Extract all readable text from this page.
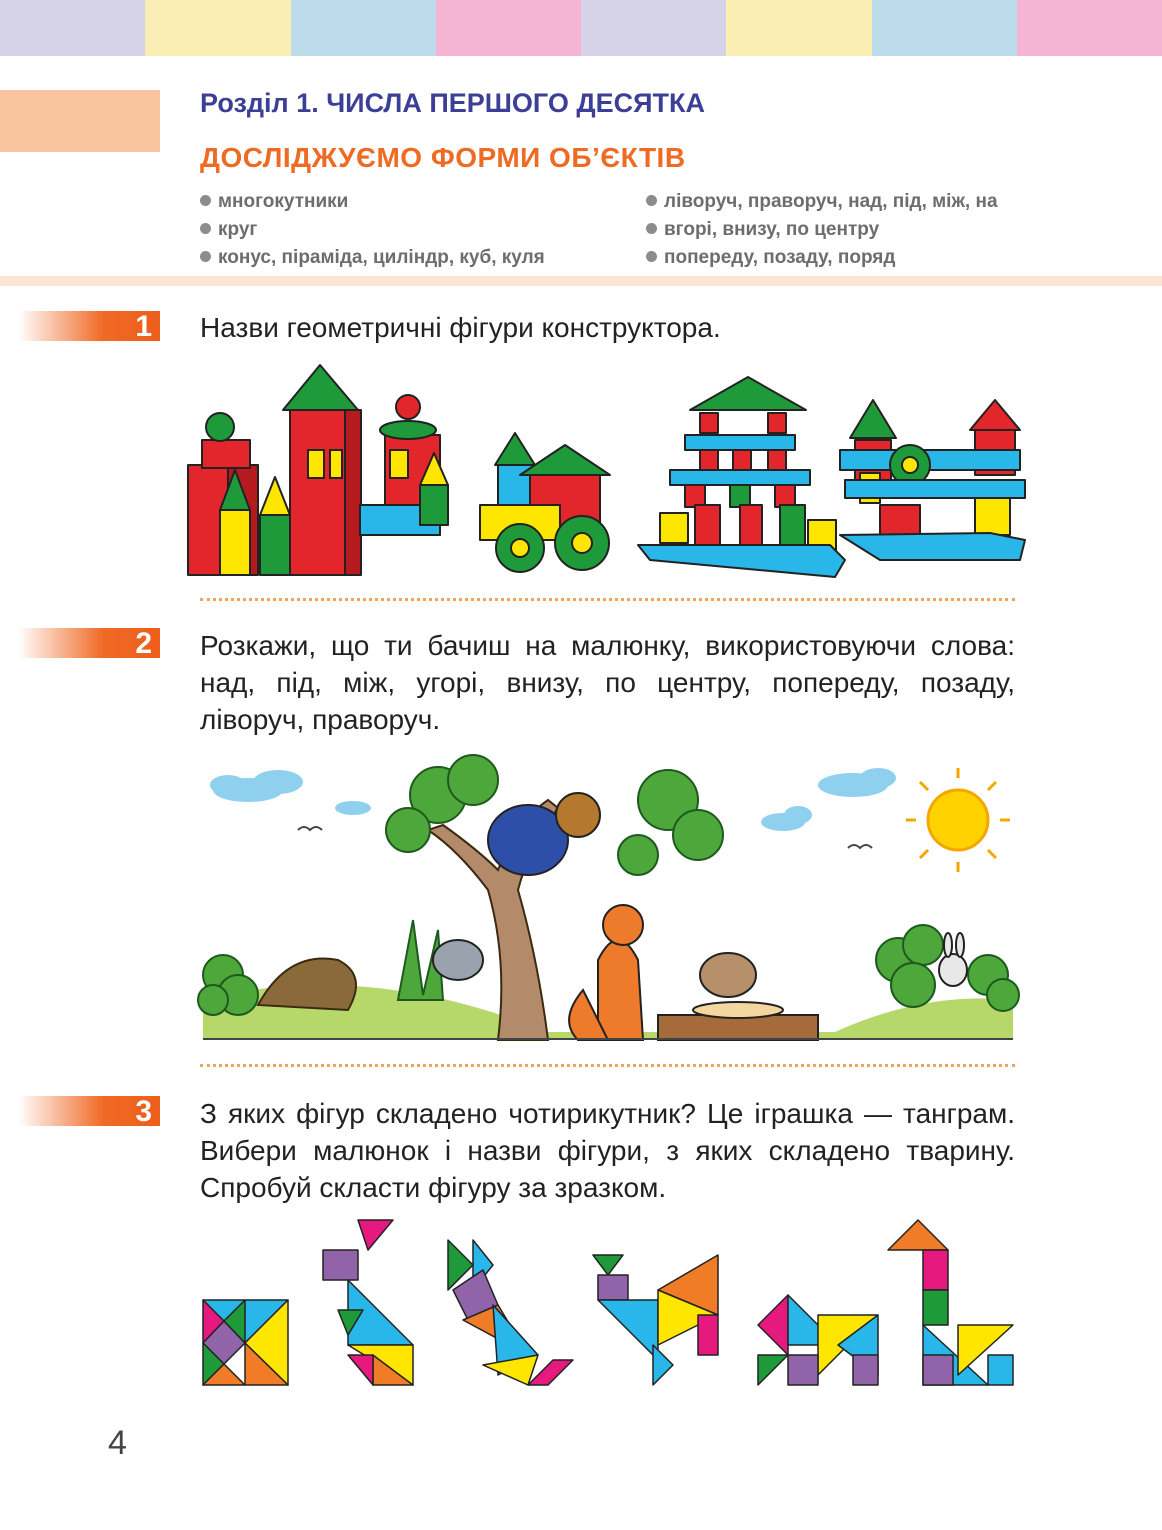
Розділ 1. ЧИСЛА ПЕРШОГО ДЕСЯТКА
ДОСЛІДЖУЄМО ФОРМИ ОБ’ЄКТІВ
многокутники
круг
конус, піраміда, циліндр, куб, куля
ліворуч, праворуч, над, під, між, на
вгорі, внизу, по центру
попереду, позаду, поряд
1 Назви геометричні фігури конструктора.
2 Розкажи, що ти бачиш на малюнку, використовуючи слова: над, під, між, угорі, внизу, по центру, попереду, позаду, ліворуч, праворуч.
3 З яких фігур складено чотирикутник? Це іграшка — танграм. Вибери малюнок і назви фігури, з яких складено тварину. Спробуй скласти фігуру за зразком.
4
